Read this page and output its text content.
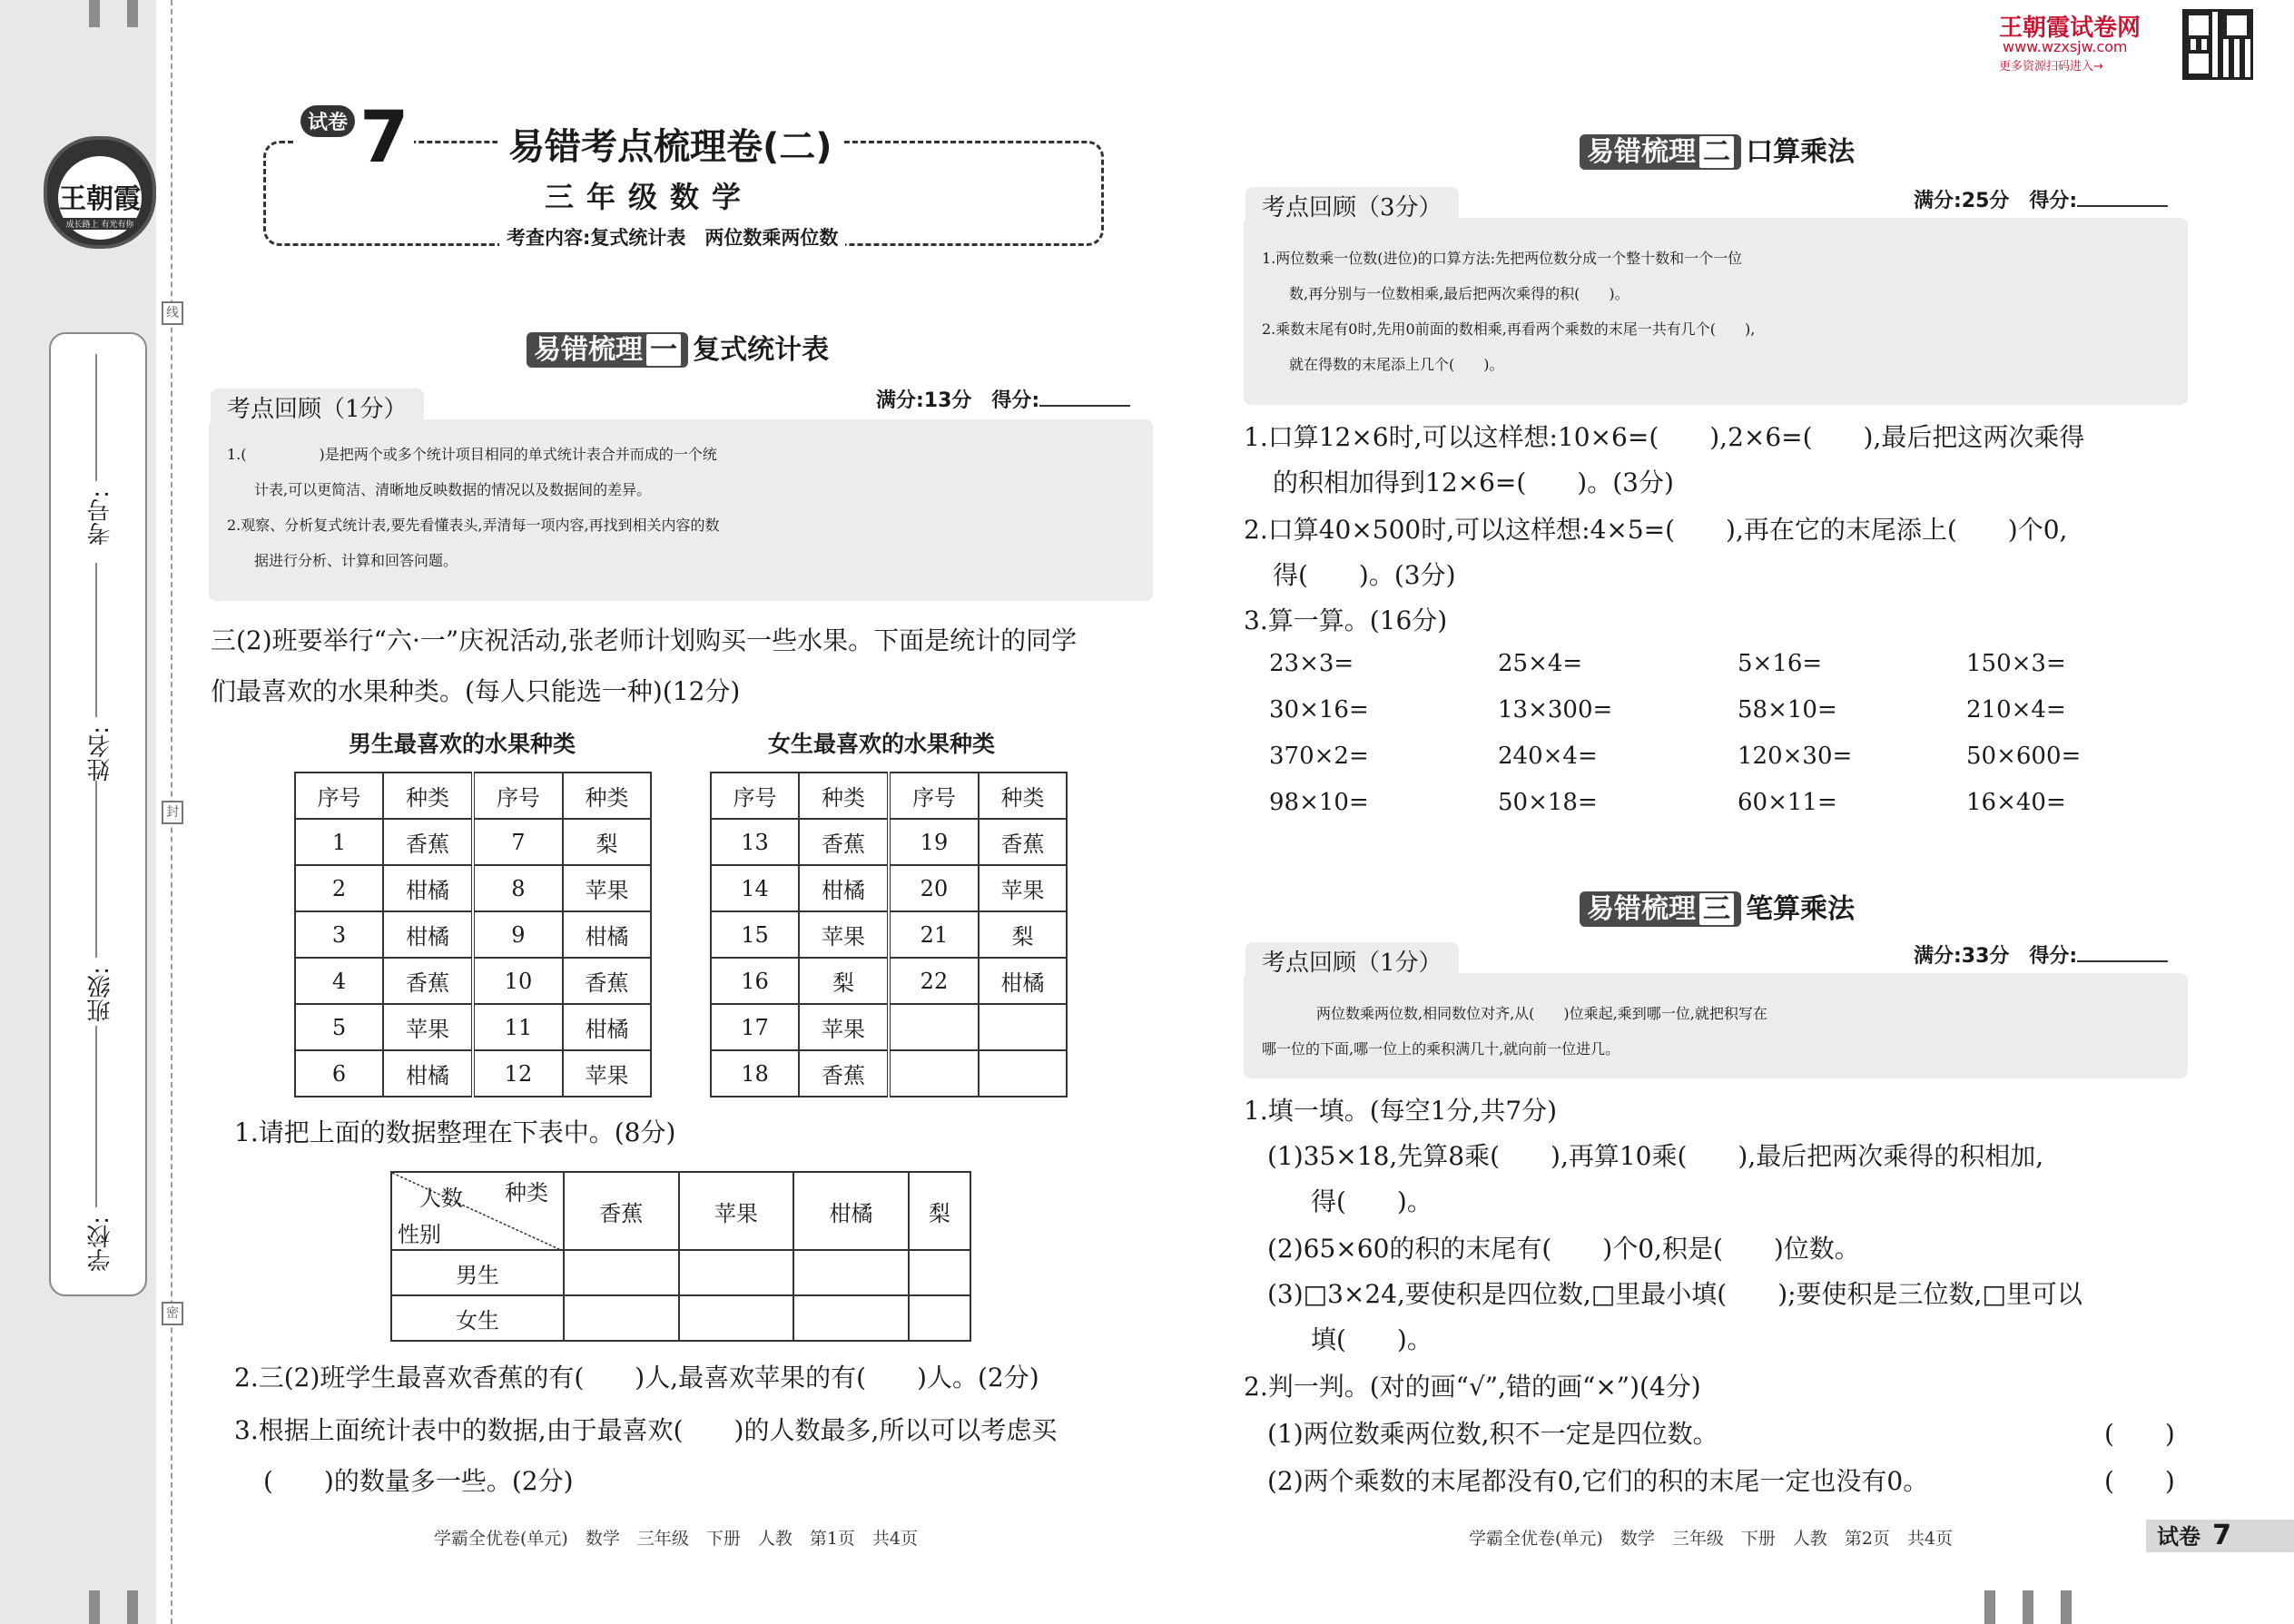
王朝霞
成长路上 有光有你
学校:
班级:
姓名:
考号:
线
封
密
试卷 7	易错考点梳理卷(二)
三年级数学
考查内容:复式统计表　两位数乘两位数
易错梳理 一 复式统计表
考点回顾（1分）	满分:13分　得分:

1.(　　　　　)是把两个或多个统计项目相同的单式统计表合并而成的一个统

计表,可以更简洁、清晰地反映数据的情况以及数据间的差异。

2.观察、分析复式统计表,要先看懂表头,弄清每一项内容,再找到相关内容的数

据进行分析、计算和回答问题。

三(2)班要举行“六·一”庆祝活动,张老师计划购买一些水果。下面是统计的同学
们最喜欢的水果种类。(每人只能选一种)(12分)
男生最喜欢的水果种类	女生最喜欢的水果种类
序号	种类	序号	种类
1	香蕉	7	梨
2	柑橘	8	苹果
3	柑橘	9	柑橘
4	香蕉	10	香蕉
5	苹果	11	柑橘
6	柑橘	12	苹果
序号	种类	序号	种类
13	香蕉	19	香蕉
14	柑橘	20	苹果
15	苹果	21	梨
16	梨	22	柑橘
17	苹果		
18	香蕉		
1.请把上面的数据整理在下表中。(8分)
人数 种类
性别	香蕉	苹果	柑橘	梨
男生				
女生				
2.三(2)班学生最喜欢香蕉的有(　　)人,最喜欢苹果的有(　　)人。(2分)
3.根据上面统计表中的数据,由于最喜欢(　　)的人数最多,所以可以考虑买
(　　)的数量多一些。(2分)
学霸全优卷(单元)　数学　三年级　下册　人教　第1页　共4页
王朝霞试卷网
www.wzxsjw.com
更多资源扫码进入→
易错梳理 二 口算乘法
考点回顾（3分）	满分:25分　得分:

1.两位数乘一位数(进位)的口算方法:先把两位数分成一个整十数和一个一位

数,再分别与一位数相乘,最后把两次乘得的积(　　)。

2.乘数末尾有0时,先用0前面的数相乘,再看两个乘数的末尾一共有几个(　　),

就在得数的末尾添上几个(　　)。

1.口算12×6时,可以这样想:10×6=(　　),2×6=(　　),最后把这两次乘得
的积相加得到12×6=(　　)。(3分)
2.口算40×500时,可以这样想:4×5=(　　),再在它的末尾添上(　　)个0,
得(　　)。(3分)
3.算一算。(16分)
23×3=	25×4=	5×16=	150×3=
30×16=	13×300=	58×10=	210×4=
370×2=	240×4=	120×30=	50×600=
98×10=	50×18=	60×11=	16×40=
易错梳理 三 笔算乘法
考点回顾（1分）	满分:33分　得分:

两位数乘两位数,相同数位对齐,从(　　)位乘起,乘到哪一位,就把积写在

哪一位的下面,哪一位上的乘积满几十,就向前一位进几。

1.填一填。(每空1分,共7分)
(1)35×18,先算8乘(　　),再算10乘(　　),最后把两次乘得的积相加,
得(　　)。
(2)65×60的积的末尾有(　　)个0,积是(　　)位数。
(3)□3×24,要使积是四位数,□里最小填(　　);要使积是三位数,□里可以
填(　　)。
2.判一判。(对的画“√”,错的画“×”)(4分)
(1)两位数乘两位数,积不一定是四位数。	(　　)
(2)两个乘数的末尾都没有0,它们的积的末尾一定也没有0。	(　　)
学霸全优卷(单元)　数学　三年级　下册　人教　第2页　共4页	试卷 7
